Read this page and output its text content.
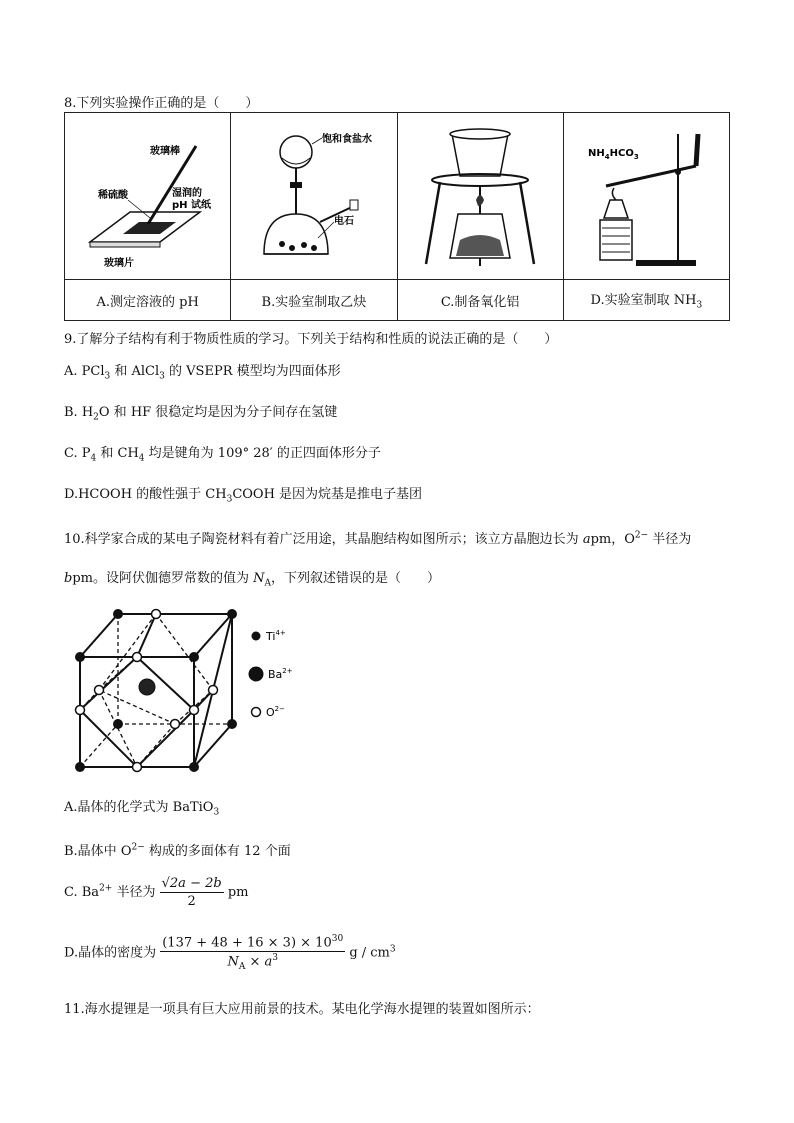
8.下列实验操作正确的是（　　）
玻璃棒
稀硫酸 湿润的
pH 试纸
玻璃片	饱和食盐水
电石		$NH_4HCO_3$

A.测定溶液的 pH	B.实验室制取乙炔	C.制备氧化铝	D.实验室制取 $NH_3$
9.了解分子结构有利于物质性质的学习。下列关于结构和性质的说法正确的是（　　）
A. PCl$_3$ 和 AlCl$_3$ 的 VSEPR 模型均为四面体形
B. $H_2O$ 和 HF 很稳定均是因为分子间存在氢键
C. $P_4$ 和 $CH_4$ 均是键角为 109° 28′ 的正四面体形分子
D.HCOOH 的酸性强于 $CH_3COOH$ 是因为烷基是推电子基团
10.科学家合成的某电子陶瓷材料有着广泛用途，其晶胞结构如图所示；该立方晶胞边长为 apm，$O^{2-}$ 半径为
bpm。设阿伏伽德罗常数的值为 $N_A$，下列叙述错误的是（　　）
$Ti^{4+}$
$Ba^{2+}$
$O^{2-}$
A.晶体的化学式为 BaTiO$_3$
B.晶体中 $O^{2-}$ 构成的多面体有 12 个面
C. $Ba^{2+}$ 半径为 $\frac{√2a - 2b}{2}$ pm
D.晶体的密度为 $\frac{(137 + 48 + 16 \times 3) \times 10^{30}}{N_A \times a^3}$ g / $cm^3$
11.海水提锂是一项具有巨大应用前景的技术。某电化学海水提锂的装置如图所示：
